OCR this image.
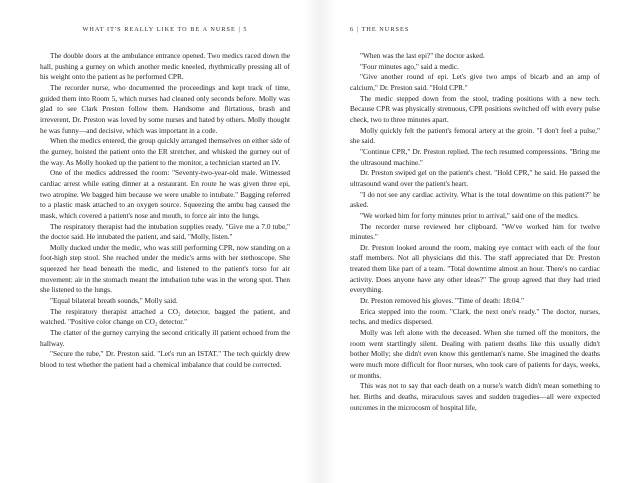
WHAT IT'S REALLY LIKE TO BE A NURSE | 5

The double doors at the ambulance entrance opened. Two medics raced down the hall, pushing a gurney on which another medic kneeled, rhythmically pressing all of his weight onto the patient as he performed CPR.

The recorder nurse, who documented the proceedings and kept track of time, guided them into Room 5, which nurses had cleaned only seconds before. Molly was glad to see Clark Preston follow them. Handsome and flirtatious, brash and irreverent, Dr. Preston was loved by some nurses and hated by others. Molly thought he was funny—and decisive, which was important in a code.

When the medics entered, the group quickly arranged themselves on either side of the gurney, hoisted the patient onto the ER stretcher, and whisked the gurney out of the way. As Molly hooked up the patient to the monitor, a technician started an IV.

One of the medics addressed the room: "Seventy-two-year-old male. Witnessed cardiac arrest while eating dinner at a restaurant. En route he was given three epi, two atropine. We bagged him because we were unable to intubate." Bagging referred to a plastic mask attached to an oxygen source. Squeezing the ambu bag caused the mask, which covered a patient's nose and mouth, to force air into the lungs.

The respiratory therapist had the intubation supplies ready. "Give me a 7.0 tube," the doctor said. He intubated the patient, and said, "Molly, listen."

Molly ducked under the medic, who was still performing CPR, now standing on a foot-high step stool. She reached under the medic's arms with her stethoscope. She squeezed her head beneath the medic, and listened to the patient's torso for air movement: air in the stomach meant the intubation tube was in the wrong spot. Then she listened to the lungs.

"Equal bilateral breath sounds," Molly said.

The respiratory therapist attached a CO₂ detector, bagged the patient, and watched. "Positive color change on CO₂ detector."

The clatter of the gurney carrying the second critically ill patient echoed from the hallway.

"Secure the tube," Dr. Preston said. "Let's run an ISTAT." The tech quickly drew blood to test whether the patient had a chemical imbalance that could be corrected.

6 | THE NURSES

"When was the last epi?" the doctor asked.

"Four minutes ago," said a medic.

"Give another round of epi. Let's give two amps of bicarb and an amp of calcium," Dr. Preston said. "Hold CPR."

The medic stepped down from the stool, trading positions with a new tech. Because CPR was physically strenuous, CPR positions switched off with every pulse check, two to three minutes apart.

Molly quickly felt the patient's femoral artery at the groin. "I don't feel a pulse," she said.

"Continue CPR," Dr. Preston replied. The tech resumed compressions. "Bring me the ultrasound machine."

Dr. Preston swiped gel on the patient's chest. "Hold CPR," he said. He passed the ultrasound wand over the patient's heart.

"I do not see any cardiac activity. What is the total downtime on this patient?" he asked.

"We worked him for forty minutes prior to arrival," said one of the medics.

The recorder nurse reviewed her clipboard. "We've worked him for twelve minutes."

Dr. Preston looked around the room, making eye contact with each of the four staff members. Not all physicians did this. The staff appreciated that Dr. Preston treated them like part of a team. "Total downtime almost an hour. There's no cardiac activity. Does anyone have any other ideas?" The group agreed that they had tried everything.

Dr. Preston removed his gloves. "Time of death: 18:04."

Erica stepped into the room. "Clark, the next one's ready." The doctor, nurses, techs, and medics dispersed.

Molly was left alone with the deceased. When she turned off the monitors, the room went startlingly silent. Dealing with patient deaths like this usually didn't bother Molly; she didn't even know this gentleman's name. She imagined the deaths were much more difficult for floor nurses, who took care of patients for days, weeks, or months.

This was not to say that each death on a nurse's watch didn't mean something to her. Births and deaths, miraculous saves and sudden tragedies—all were expected outcomes in the microcosm of hospital life,
